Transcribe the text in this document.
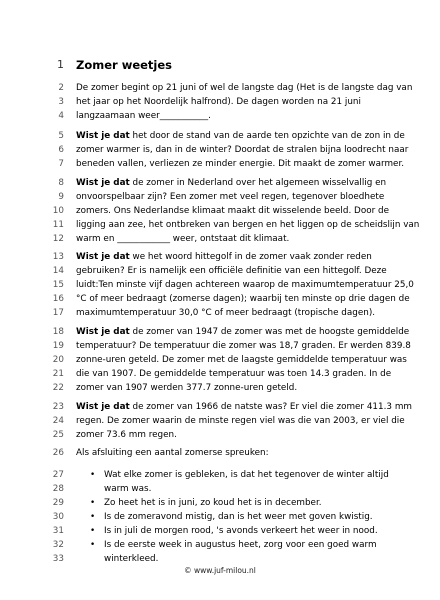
1 Zomer weetjes
2 De zomer begint op 21 juni of wel de langste dag (Het is de langste dag van
3 het jaar op het Noordelijk halfrond). De dagen worden na 21 juni
4 langzaamaan weer___________.
5 Wist je dat het door de stand van de aarde ten opzichte van de zon in de
6 zomer warmer is, dan in de winter? Doordat de stralen bijna loodrecht naar
7 beneden vallen, verliezen ze minder energie. Dit maakt de zomer warmer.
8 Wist je dat de zomer in Nederland over het algemeen wisselvallig en
9 onvoorspelbaar zijn? Een zomer met veel regen, tegenover bloedhete
10 zomers. Ons Nederlandse klimaat maakt dit wisselende beeld. Door de
11 ligging aan zee, het ontbreken van bergen en het liggen op de scheidslijn van
12 warm en ____________ weer, ontstaat dit klimaat.
13 Wist je dat we het woord hittegolf in de zomer vaak zonder reden
14 gebruiken? Er is namelijk een officiële definitie van een hittegolf. Deze
15 luidt:Ten minste vijf dagen achtereen waarop de maximumtemperatuur 25,0
16 °C of meer bedraagt (zomerse dagen); waarbij ten minste op drie dagen de
17 maximumtemperatuur 30,0 °C of meer bedraagt (tropische dagen).
18 Wist je dat de zomer van 1947 de zomer was met de hoogste gemiddelde
19 temperatuur? De temperatuur die zomer was 18,7 graden. Er werden 839.8
20 zonne-uren geteld. De zomer met de laagste gemiddelde temperatuur was
21 die van 1907. De gemiddelde temperatuur was toen 14.3 graden. In de
22 zomer van 1907 werden 377.7 zonne-uren geteld.
23 Wist je dat de zomer van 1966 de natste was? Er viel die zomer 411.3 mm
24 regen. De zomer waarin de minste regen viel was die van 2003, er viel die
25 zomer 73.6 mm regen.
26 Als afsluiting een aantal zomerse spreuken:
27	• Wat elke zomer is gebleken, is dat het tegenover de winter altijd
28	warm was.
29	• Zo heet het is in juni, zo koud het is in december.
30	• Is de zomeravond mistig, dan is het weer met goven kwistig.
31	• Is in juli de morgen rood, 's avonds verkeert het weer in nood.
32	• Is de eerste week in augustus heet, zorg voor een goed warm
33	winterkleed.
© www.juf-milou.nl
